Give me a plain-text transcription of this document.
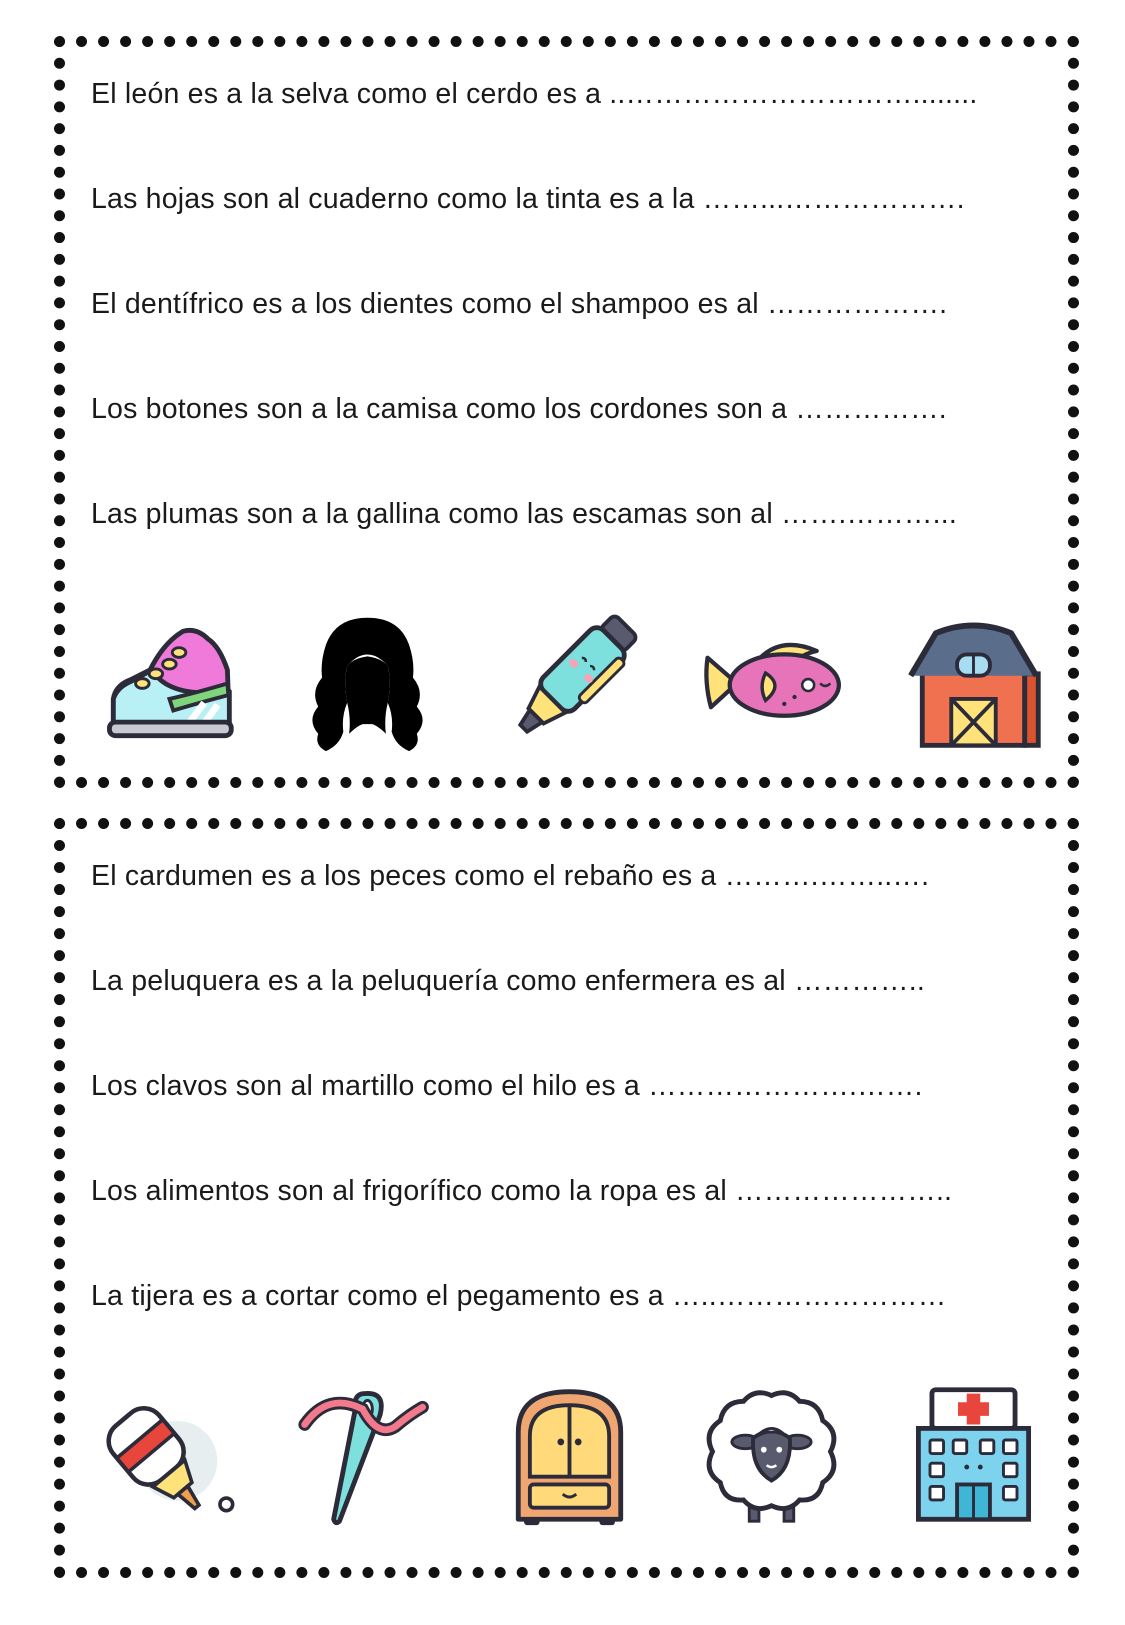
El león es a la selva como el cerdo es a ..…………………………........
Las hojas son al cuaderno como la tinta es a la ……...……………….
El dentífrico es a los dientes como el shampoo es al ……………….
Los botones son a la camisa como los cordones son a …………….
Las plumas son a la gallina como las escamas son al …….………...
El cardumen es a los peces como el rebaño es a ……….……..….
La peluquera es a la peluquería como enfermera es al …………..
Los clavos son al martillo como el hilo es a ………………….…….
Los alimentos son al frigorífico como la ropa es al …………………..
La tijera es a cortar como el pegamento es a …..……………………
